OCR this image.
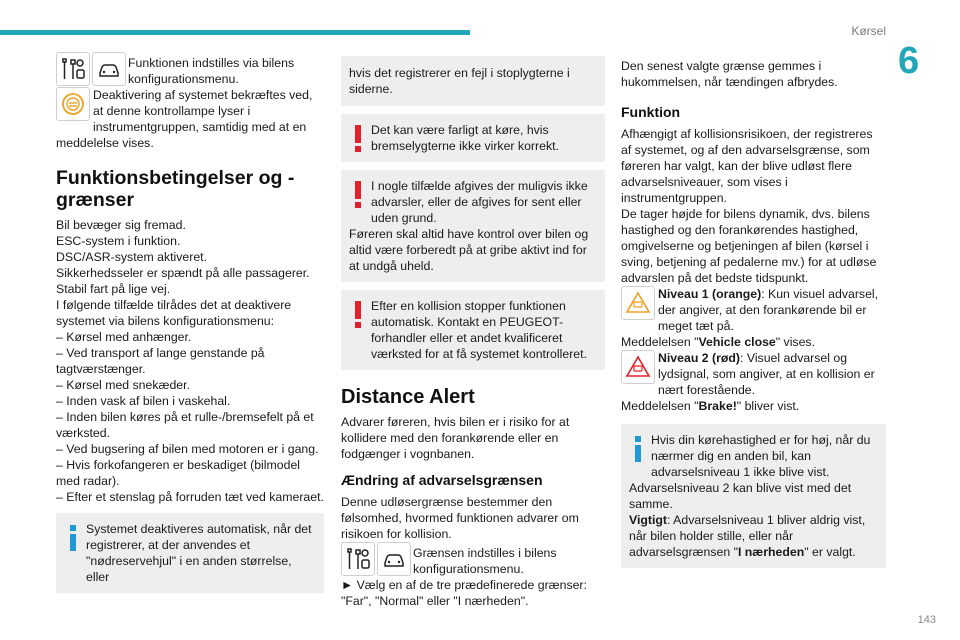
Kørsel
6
143
Funktionen indstilles via bilens konfigurationsmenu.
Deaktivering af systemet bekræftes ved, at denne kontrollampe lyser i instrumentgruppen, samtidig med at en meddelelse vises.
Funktionsbetingelser og -grænser

Bil bevæger sig fremad.

ESC-system i funktion.

DSC/ASR-system aktiveret.

Sikkerhedsseler er spændt på alle passagerer.

Stabil fart på lige vej.

I følgende tilfælde tilrådes det at deaktivere systemet via bilens konfigurationsmenu:

– Kørsel med anhænger.

– Ved transport af lange genstande på tagtværstænger.

– Kørsel med snekæder.

– Inden vask af bilen i vaskehal.

– Inden bilen køres på et rulle-/bremsefelt på et værksted.

– Ved bugsering af bilen med motoren er i gang.

– Hvis forkofangeren er beskadiget (bilmodel med radar).

– Efter et stenslag på forruden tæt ved kameraet.

Systemet deaktiveres automatisk, når det registrerer, at der anvendes et "nødreservehjul" i en anden størrelse, eller

hvis det registrerer en fejl i stoplygterne i siderne.

Det kan være farligt at køre, hvis bremselygterne ikke virker korrekt.

I nogle tilfælde afgives der muligvis ikke advarsler, eller de afgives for sent eller uden grund.

Føreren skal altid have kontrol over bilen og altid være forberedt på at gribe aktivt ind for at undgå uheld.

Efter en kollision stopper funktionen automatisk. Kontakt en PEUGEOT-forhandler eller et andet kvalificeret værksted for at få systemet kontrolleret.

Distance Alert

Advarer føreren, hvis bilen er i risiko for at kollidere med den forankørende eller en fodgænger i vognbanen.

Ændring af advarselsgrænsen

Denne udløsergrænse bestemmer den følsomhed, hvormed funktionen advarer om risikoen for kollision.

Grænsen indstilles i bilens konfigurationsmenu.

► Vælg en af de tre prædefinerede grænser: "Far", "Normal" eller "I nærheden".

Den senest valgte grænse gemmes i hukommelsen, når tændingen afbrydes.

Funktion

Afhængigt af kollisionsrisikoen, der registreres af systemet, og af den advarselsgrænse, som føreren har valgt, kan der blive udløst flere advarselsniveauer, som vises i instrumentgruppen.

De tager højde for bilens dynamik, dvs. bilens hastighed og den forankørendes hastighed, omgivelserne og betjeningen af bilen (kørsel i sving, betjening af pedalerne mv.) for at udløse advarslen på det bedste tidspunkt.

Niveau 1 (orange): Kun visuel advarsel, der angiver, at den forankørende bil er meget tæt på.

Meddelelsen "Vehicle close" vises.

Niveau 2 (rød): Visuel advarsel og lydsignal, som angiver, at en kollision er nært forestående.

Meddelelsen "Brake!" bliver vist.

Hvis din kørehastighed er for høj, når du nærmer dig en anden bil, kan advarselsniveau 1 ikke blive vist.

Advarselsniveau 2 kan blive vist med det samme.

Vigtigt: Advarselsniveau 1 bliver aldrig vist, når bilen holder stille, eller når advarselsgrænsen "I nærheden" er valgt.
